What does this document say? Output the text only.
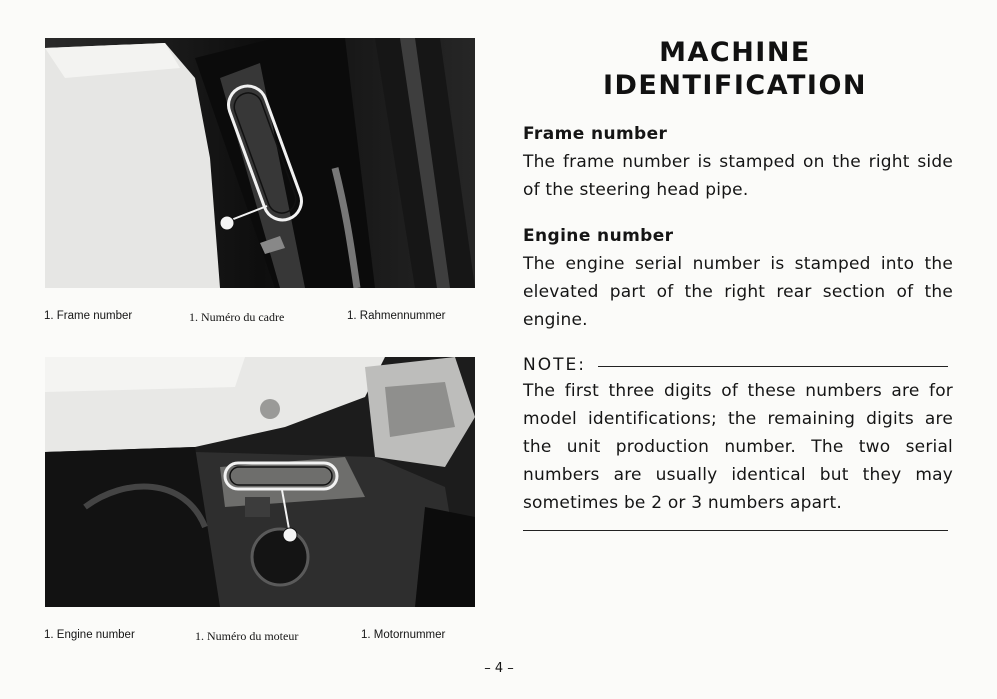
1. Frame number	1. Numéro du cadre	1. Rahmennummer
1. Engine number	1. Numéro du moteur	1. Motornummer
MACHINE
IDENTIFICATION
Frame number
The frame number is stamped on the right side of the steering head pipe.
Engine number
The engine serial number is stamped into the elevated part of the right rear section of the engine.
NOTE:
The first three digits of these numbers are for model identifications; the remaining digits are the unit production number. The two serial numbers are usually identical but they may sometimes be 2 or 3 numbers apart.
– 4 –
